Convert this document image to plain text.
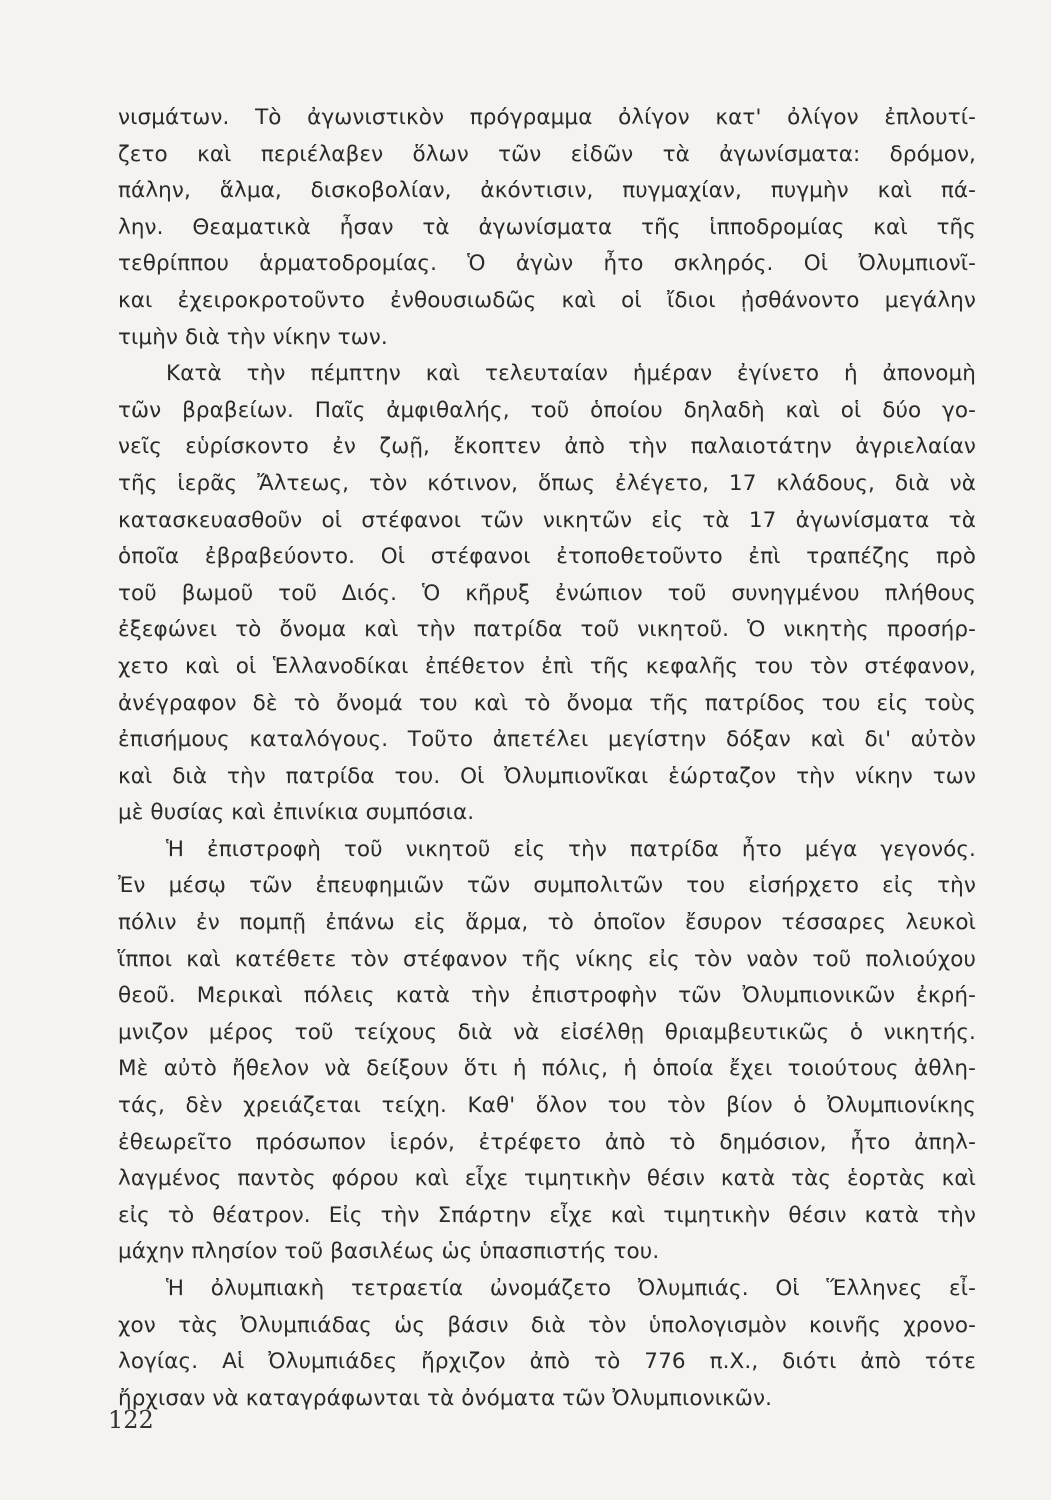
νισμάτων. Τὸ ἀγωνιστικὸν πρόγραμμα ὀλίγον κατ' ὀλίγον ἐπλουτί-
ζετο καὶ περιέλαβεν ὅλων τῶν εἰδῶν τὰ ἀγωνίσματα: δρόμον,
πάλην, ἅλμα, δισκοβολίαν, ἀκόντισιν, πυγμαχίαν, πυγμὴν καὶ πά-
λην. Θεαματικὰ ἦσαν τὰ ἀγωνίσματα τῆς ἱπποδρομίας καὶ τῆς
τεθρίππου ἁρματοδρομίας. Ὁ ἀγὼν ἦτο σκληρός. Οἱ Ὀλυμπιονῖ-
και ἐχειροκροτοῦντο ἐνθουσιωδῶς καὶ οἱ ἴδιοι ᾐσθάνοντο μεγάλην
τιμὴν διὰ τὴν νίκην των.
Κατὰ τὴν πέμπτην καὶ τελευταίαν ἡμέραν ἐγίνετο ἡ ἀπονομὴ
τῶν βραβείων. Παῖς ἀμφιθαλής, τοῦ ὁποίου δηλαδὴ καὶ οἱ δύο γο-
νεῖς εὑρίσκοντο ἐν ζωῇ, ἔκοπτεν ἀπὸ τὴν παλαιοτάτην ἀγριελαίαν
τῆς ἱερᾶς Ἄλτεως, τὸν κότινον, ὅπως ἐλέγετο, 17 κλάδους, διὰ νὰ
κατασκευασθοῦν οἱ στέφανοι τῶν νικητῶν εἰς τὰ 17 ἀγωνίσματα τὰ
ὁποῖα ἐβραβεύοντο. Οἱ στέφανοι ἐτοποθετοῦντο ἐπὶ τραπέζης πρὸ
τοῦ βωμοῦ τοῦ Διός. Ὁ κῆρυξ ἐνώπιον τοῦ συνηγμένου πλήθους
ἐξεφώνει τὸ ὄνομα καὶ τὴν πατρίδα τοῦ νικητοῦ. Ὁ νικητὴς προσήρ-
χετο καὶ οἱ Ἑλλανοδίκαι ἐπέθετον ἐπὶ τῆς κεφαλῆς του τὸν στέφανον,
ἀνέγραφον δὲ τὸ ὄνομά του καὶ τὸ ὄνομα τῆς πατρίδος του εἰς τοὺς
ἐπισήμους καταλόγους. Τοῦτο ἀπετέλει μεγίστην δόξαν καὶ δι' αὐτὸν
καὶ διὰ τὴν πατρίδα του. Οἱ Ὀλυμπιονῖκαι ἑώρταζον τὴν νίκην των
μὲ θυσίας καὶ ἐπινίκια συμπόσια.
Ἡ ἐπιστροφὴ τοῦ νικητοῦ εἰς τὴν πατρίδα ἦτο μέγα γεγονός.
Ἐν μέσῳ τῶν ἐπευφημιῶν τῶν συμπολιτῶν του εἰσήρχετο εἰς τὴν
πόλιν ἐν πομπῇ ἐπάνω εἰς ἅρμα, τὸ ὁποῖον ἔσυρον τέσσαρες λευκοὶ
ἵπποι καὶ κατέθετε τὸν στέφανον τῆς νίκης εἰς τὸν ναὸν τοῦ πολιούχου
θεοῦ. Μερικαὶ πόλεις κατὰ τὴν ἐπιστροφὴν τῶν Ὀλυμπιονικῶν ἐκρή-
μνιζον μέρος τοῦ τείχους διὰ νὰ εἰσέλθῃ θριαμβευτικῶς ὁ νικητής.
Μὲ αὐτὸ ἤθελον νὰ δείξουν ὅτι ἡ πόλις, ἡ ὁποία ἔχει τοιούτους ἀθλη-
τάς, δὲν χρειάζεται τείχη. Καθ' ὅλον του τὸν βίον ὁ Ὀλυμπιονίκης
ἐθεωρεῖτο πρόσωπον ἱερόν, ἐτρέφετο ἀπὸ τὸ δημόσιον, ἦτο ἀπηλ-
λαγμένος παντὸς φόρου καὶ εἶχε τιμητικὴν θέσιν κατὰ τὰς ἑορτὰς καὶ
εἰς τὸ θέατρον. Εἰς τὴν Σπάρτην εἶχε καὶ τιμητικὴν θέσιν κατὰ τὴν
μάχην πλησίον τοῦ βασιλέως ὡς ὑπασπιστής του.
Ἡ ὀλυμπιακὴ τετραετία ὠνομάζετο Ὀλυμπιάς. Οἱ Ἕλληνες εἶ-
χον τὰς Ὀλυμπιάδας ὡς βάσιν διὰ τὸν ὑπολογισμὸν κοινῆς χρονο-
λογίας. Αἱ Ὀλυμπιάδες ἤρχιζον ἀπὸ τὸ 776 π.Χ., διότι ἀπὸ τότε
ἤρχισαν νὰ καταγράφωνται τὰ ὀνόματα τῶν Ὀλυμπιονικῶν.
122
